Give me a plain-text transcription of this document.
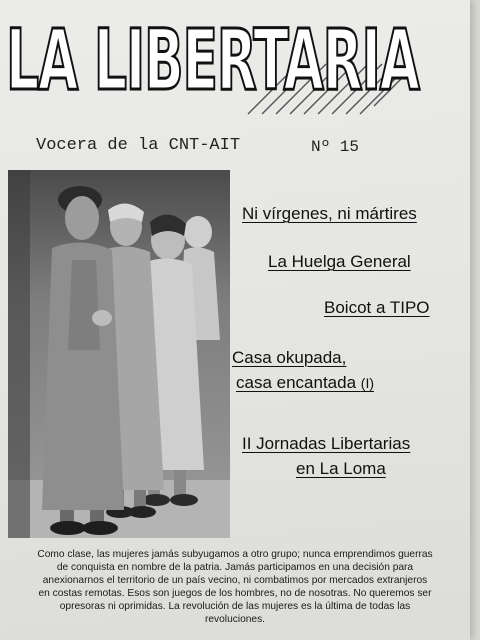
LA LIBERTARIA
Vocera de la CNT-AIT	Nº 15
Ni vírgenes, ni mártires
La Huelga General
Boicot a TIPO
Casa okupada,
casa encantada (I)
II Jornadas Libertarias
en La Loma
Como clase, las mujeres jamás subyugamos a otro grupo; nunca emprendimos guerras
de conquista en nombre de la patria. Jamás participamos en una decisión para
anexionarnos el territorio de un país vecino, ni combatimos por mercados extranjeros
en costas remotas. Esos son juegos de los hombres, no de nosotras. No queremos ser
opresoras ni oprimidas. La revolución de las mujeres es la última de todas las
revoluciones.
